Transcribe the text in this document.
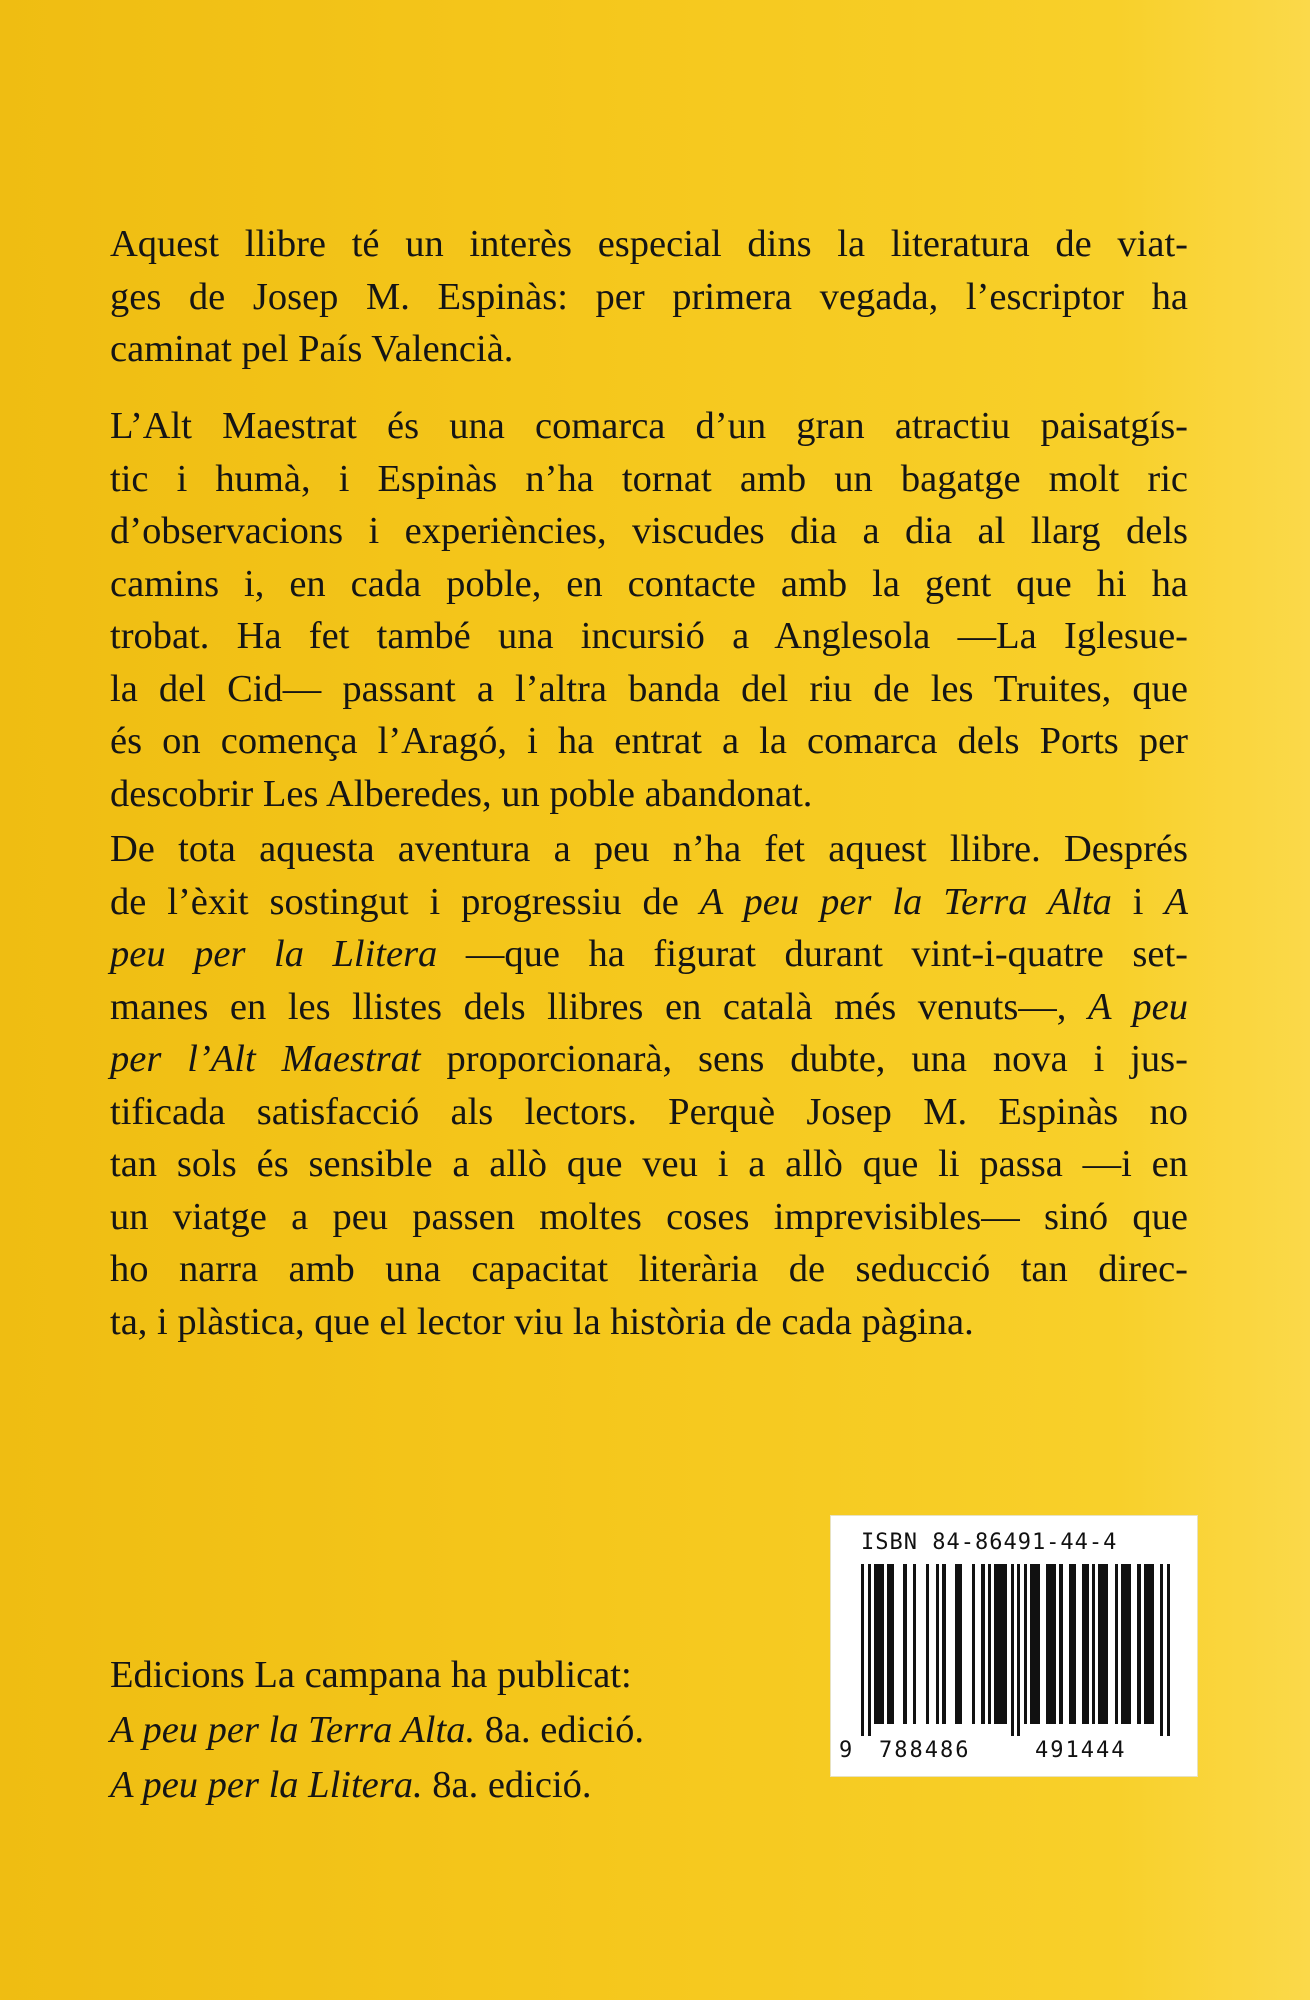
Aquest llibre té un interès especial dins la literatura de viat-
ges de Josep M. Espinàs: per primera vegada, l’escriptor ha
caminat pel País Valencià.
L’Alt Maestrat és una comarca d’un gran atractiu paisatgís-
tic i humà, i Espinàs n’ha tornat amb un bagatge molt ric
d’observacions i experiències, viscudes dia a dia al llarg dels
camins i, en cada poble, en contacte amb la gent que hi ha
trobat. Ha fet també una incursió a Anglesola —La Iglesue-
la del Cid— passant a l’altra banda del riu de les Truites, que
és on comença l’Aragó, i ha entrat a la comarca dels Ports per
descobrir Les Alberedes, un poble abandonat.
De tota aquesta aventura a peu n’ha fet aquest llibre. Després
de l’èxit sostingut i progressiu de A peu per la Terra Alta i A
peu per la Llitera —que ha figurat durant vint-i-quatre set-
manes en les llistes dels llibres en català més venuts—, A peu
per l’Alt Maestrat proporcionarà, sens dubte, una nova i jus-
tificada satisfacció als lectors. Perquè Josep M. Espinàs no
tan sols és sensible a allò que veu i a allò que li passa —i en
un viatge a peu passen moltes coses imprevisibles— sinó que
ho narra amb una capacitat literària de seducció tan direc-
ta, i plàstica, que el lector viu la història de cada pàgina.
ISBN 84-86491-44-4
9 788486	491444
Edicions La campana ha publicat:
A peu per la Terra Alta. 8a. edició.
A peu per la Llitera. 8a. edició.
